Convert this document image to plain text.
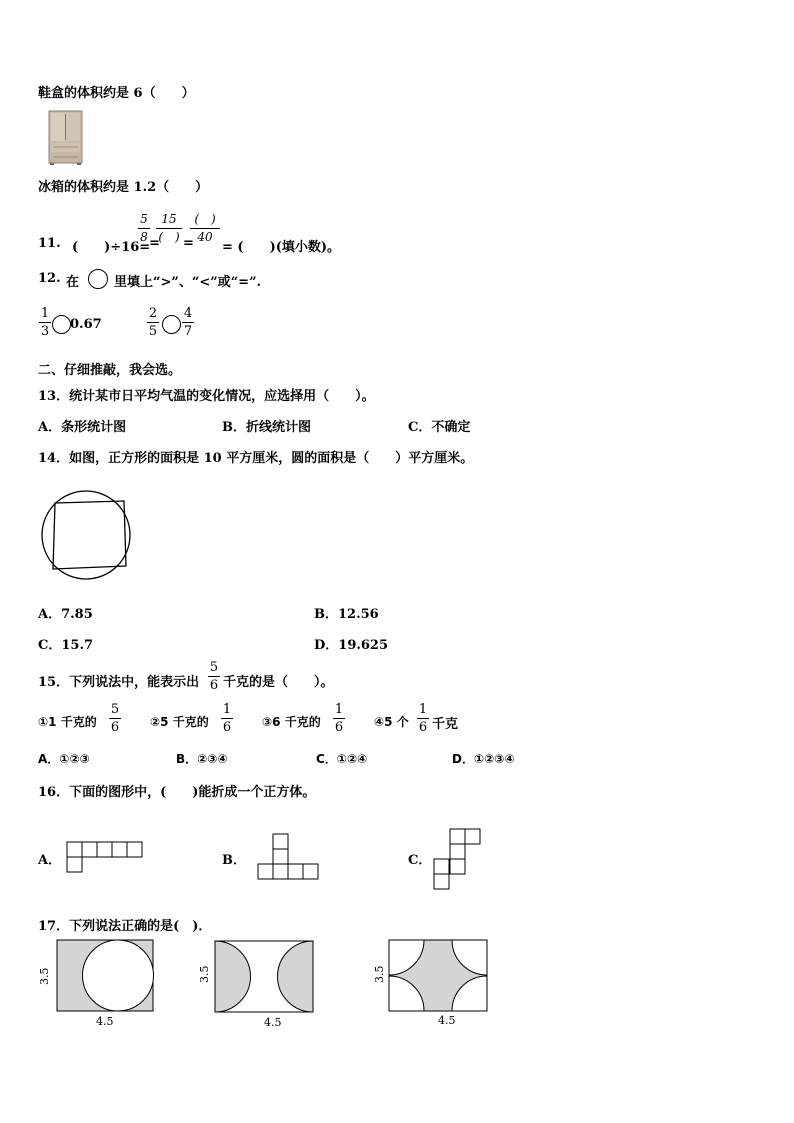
鞋盒的体积约是 6（　　）
冰箱的体积约是 1.2（　　）
11. (　　)÷16=
5
8 =
15
(　) =
(　)
40
= (　　)(填小数)。
12. 在	里填上“>”、“<”或“=”.
1
3 0.67
2
5
4
7
二、仔细推敲，我会选。
13．统计某市日平均气温的变化情况，应选择用（　　）。
A．条形统计图	B．折线统计图	C．不确定
14．如图，正方形的面积是 10 平方厘米，圆的面积是（　　）平方厘米。
A．7.85	B．12.56
C．15.7	D．19.625
15．下列说法中，能表示出
5
6 千克的是（　　）。
①1 千克的
5
6	②5 千克的
1
6	③6 千克的
1
6	④5 个
1
6 千克
A．①②③	B．②③④	C．①②④	D．①②③④
16．下面的图形中，(　　)能折成一个正方体。
A．	B．	C．
17．下列说法正确的是(　)．
3.5
4.5
3.5
4.5
3.5
4.5
